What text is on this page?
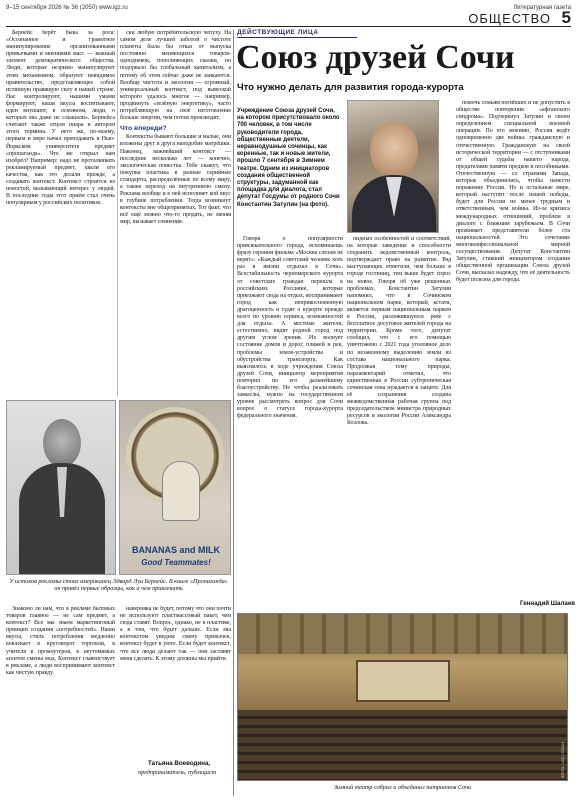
9–15 сентября 2026 № 36 (2050) www.lgz.ru	Литературная газета
ОБЩЕСТВО 5

Бернейс берёт быка за рога: «Осознанное и грамотное манипулирование организованными привычками и мнениями масс — важный элемент демократического общества. Люди, которые незримо манипулируют этим механизмом, образуют невидимое правительство, представляющее собой истинную правящую силу в нашей стране. Нас контролируют, нашими умами формируют, наши вкусы воспитывают, идеи внушают, в основном, люди, о которых мы даже не слышали». Бернейса считают также отцом пиара и автором этого термина. У него же, по-моему, первым и мере начал преподавать в Нью-Йоркском университете предмет «пропаганда». Что же открыл нам изобрёл? Например: надо не проталкивать рекламируемый предмет, хвали его качества, как это делали прежде, а создавать контекст. Контекст строится из новостей, вызывающий интерес у людей. В последние годы этот приём стал очень популярным у российских политиков.

ски любую потребительскую чепуху. На самом деле лучшей заботой о чистоте планеты была бы отказ от выпуска постоянно меняющихся товаров-однодневок, пополняющих свалки, но подорвало бы глобальный капитализм, а потому об этом сейчас даже не заикаются. Вообще чистота и экология — огромный, универсальный контекст, под вывеской которого удалось многое — например, продвинуть «зелёную энергетику», часто потребляющую на своё изготовление больше энергии, чем потом производит.

Что впереди?

Контексты бывают большие и малые, они вложены друг в друга наподобие матрёшки. Наконец, важнейший контекст — последние несколько лет — конечно, экологическая повестка. Тебе скажут, что покупка пластика в разные серийные стандарты, распределённые по всему миру, а также переход на внутреннюю смену. Реклама вообще и в ней исполняет кой вкус в глубине потребления. Тогда возникнут контексты вне общепринятых. Тот факт, что всё ещё можно что-то продать, не меняя мир, вызывает сомнения.

BANANAS and MILK
Good Teammates!
У истоков рекламы стоял американец Эдвард Луи Бернейс. В книге «Пропаганда» он привёл первые образцы, как и чем привлекать

Знакомо ли нам, что в рекламе бытовых товаров главное — не сам предмет, а контекст? Все мы знаем маркетинговый принцип создания «потребностей». Наши вкусы, стиль потребления медленно вовлекает в круговорот торговли, в учителя в промоутеров, в неутомимых агентов смены мод. Контекст главенствует в рекламе, а люди воспринимают контекст как чистую правду.

наверняка не будет, потому что они почти не используют пластмассовый пакет, чем сюда ставят. Вопрос, однако, не в пластике, а в том, что будет дальше. Если мы контекстом увидим смену привычек, контекст будет в уюте. Если будет контекст, что все люди делают так — они заставят меня сделать. К этому должны мы прийти.

Татьяна Воеводина,
предприниматель, публицист
ДЕЙСТВУЮЩИЕ ЛИЦА
Союз друзей Сочи
Что нужно делать для развития города-курорта
Учреждение Союза друзей Сочи, на котором присутствовало около 700 человек, в том числе руководители города, общественные деятели, неравнодушные сочинцы, как коренные, так и новые жители, прошло 7 сентября в Зимнем театре. Одним из инициаторов создания общественной структуры, задуманной как площадка для диалога, стал депутат Госдумы от родного Сочи Константин Затулин (на фото).

Говоря о популярности привлекательного города, вспоминаешь фразу героини фильма «Москва слезам не верит»: «Каждый советский человек хоть раз в жизни отдыхал в Сочи». Всестабильность черноморского курорта от советских граждан перешла к российским. Россияне, которые приезжают сюда на отдых, воспринимают город как неприкосновенную драгоценность и судят о курорте прежде всего по уровню сервиса, возможностей для отдыха. А местные жители, естественно, видят родной город под другим углом зрения. Их волнует состояние домов и дорог, пляжей и рек, проблемы земле-устройства и обустройства транспорта. Как выяснилось в ходе учреждения Союза друзей Сочи, инициатор мероприятия повторил по его дальнейшему благоустройству. Не чтобы реализовать замыслы, нужно на государственном уровне рассмотреть вопрос для Сочи вопрос о статусе города-курорта федерального значения.

пидных особенностей и соответствий, на которые заведение и способности сохранить ведомственный контроль, подтверждает право на развитие. Ряд выступающих отметили, чем больше в городе гостиниц, тем выше будет спрос на новое. Говоря об уже решенных проблемах, Константин Затулин напомнил, что в Сочинском национальном парке, который, кстати, является первым национальным парком в России, разложившуюся реке с бесплатное досуговое жителей города на территории. Кроме того, депутат сообщил, что с его помощью уничтожено с 2021 года уголовное дело по незаконному выделению земли из состава национального парка. Продолжая тему природы, парламентарий отметил, что единственная в России субтропическая сочинская зона нуждается в защите. Для её сохранения создана межведомственная рабочая группа под председательством министра природных ресурсов и экологии России Александра Козлова.

помочь семьям погибших и не допустить в обществе повторения «афганского синдрома». Подчеркнул Затулин и своем определением специальной военной операции. По его мнению, Россия ведёт одновременно две войны: гражданскую и отечественную. Гражданскую на своей исторической территории — с отступниками от общей судьбы нашего народа, предателями памяти предков и пособниками. Отечественную — со странами Запада, которые объединились, чтобы нанести поражение России. Но и остальные мире, который наступит после нашей победы, будет для России не менее трудным и ответственным, чем войны. Из-за кризиса международных отношений, проблем в диалоге с ближним зарубежьем. В Сочи проживает представители более ста национальностей. Это сочетание многоконфессиональной мирной сосуществования. Депутат Константин Затулин, ставший инициатором создания общественной организации Союза друзей Сочи, высказал надежду, что её деятельность будет полезна для города.

Геннадий Шалаев
ФОТО: LGZ / СОЧИ
Зимний театр собрал и объединил патриотов Сочи
